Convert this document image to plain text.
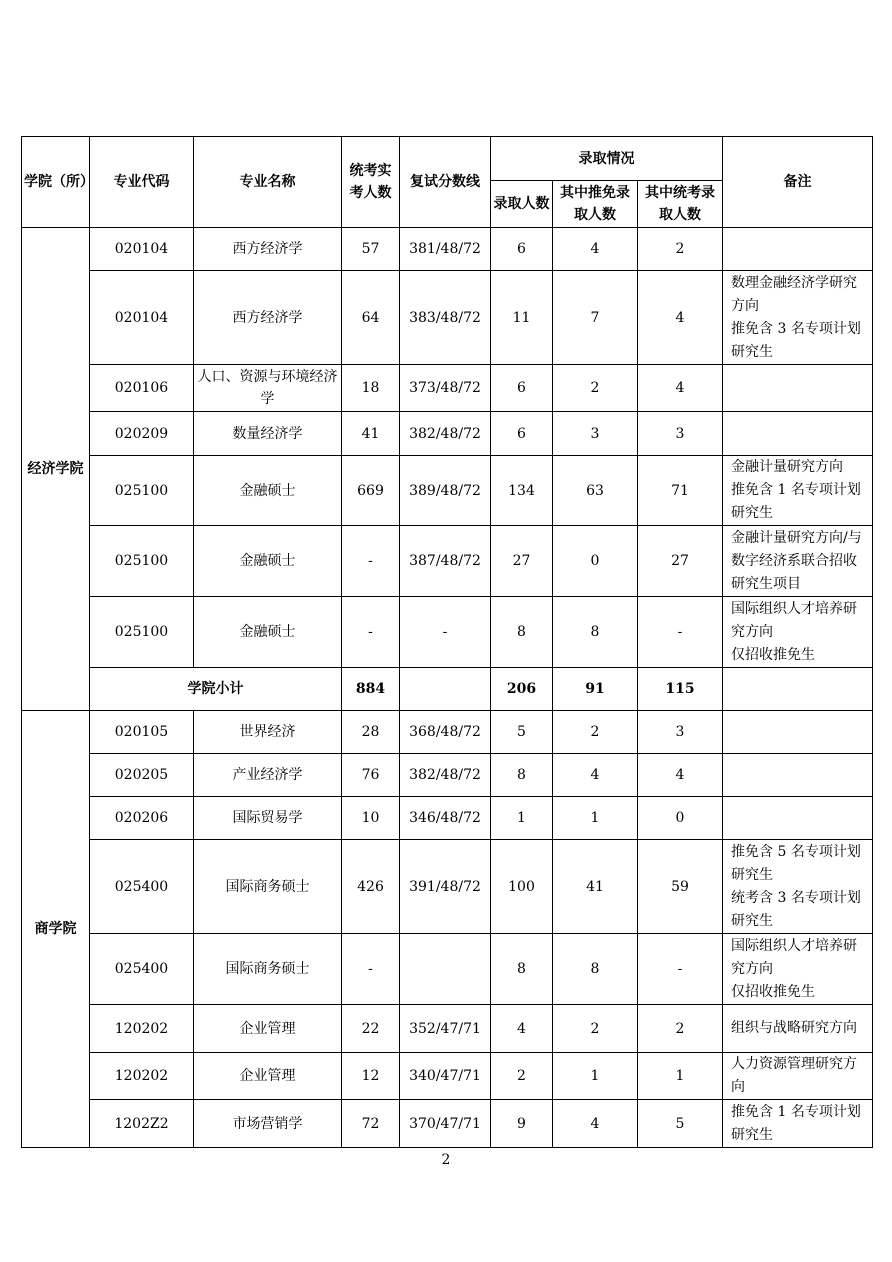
学院（所）	专业代码	专业名称	统考实考人数	复试分数线	录取情况			备注
					录取人数	其中推免录取人数	其中统考录取人数	
经济学院	020104	西方经济学	57	381/48/72	6	4	2	
	020104	西方经济学	64	383/48/72	11	7	4	数理金融经济学研究方向
推免含 3 名专项计划研究生
	020106	人口、资源与环境经济学	18	373/48/72	6	2	4	
	020209	数量经济学	41	382/48/72	6	3	3	
	025100	金融硕士	669	389/48/72	134	63	71	金融计量研究方向
推免含 1 名专项计划研究生
	025100	金融硕士	-	387/48/72	27	0	27	金融计量研究方向/与数字经济系联合招收研究生项目
	025100	金融硕士	-	-	8	8	-	国际组织人才培养研究方向
仅招收推免生
	学院小计		884		206	91	115	
商学院	020105	世界经济	28	368/48/72	5	2	3	
	020205	产业经济学	76	382/48/72	8	4	4	
	020206	国际贸易学	10	346/48/72	1	1	0	
	025400	国际商务硕士	426	391/48/72	100	41	59	推免含 5 名专项计划研究生
统考含 3 名专项计划研究生
	025400	国际商务硕士	-		8	8	-	国际组织人才培养研究方向
仅招收推免生
	120202	企业管理	22	352/47/71	4	2	2	组织与战略研究方向
	120202	企业管理	12	340/47/71	2	1	1	人力资源管理研究方向
	1202Z2	市场营销学	72	370/47/71	9	4	5	推免含 1 名专项计划研究生
2
